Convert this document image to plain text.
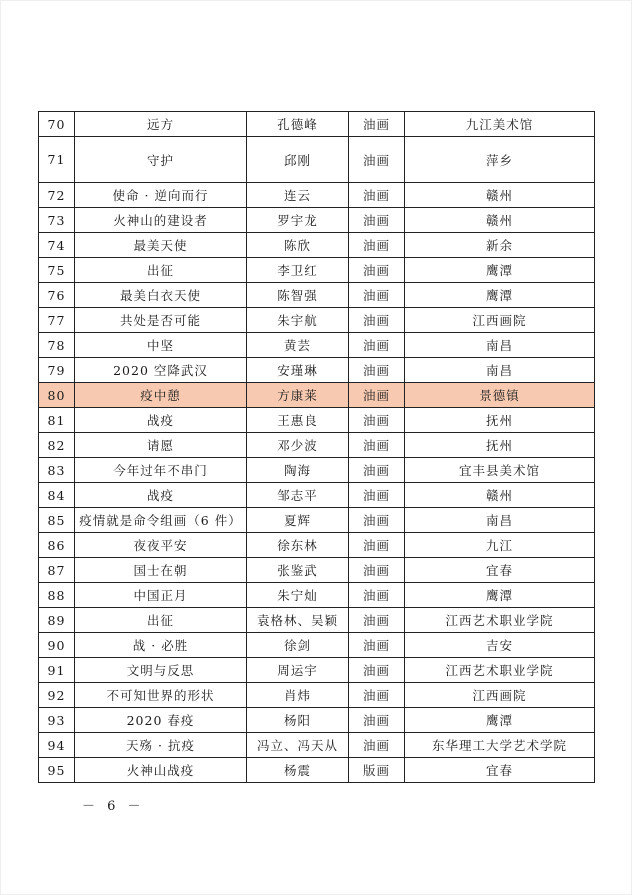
70	远方	孔德峰	油画	九江美术馆
71	守护	邱刚	油画	萍乡
72	使命 · 逆向而行	连云	油画	赣州
73	火神山的建设者	罗宇龙	油画	赣州
74	最美天使	陈欣	油画	新余
75	出征	李卫红	油画	鹰潭
76	最美白衣天使	陈智强	油画	鹰潭
77	共处是否可能	朱宇航	油画	江西画院
78	中坚	黄芸	油画	南昌
79	2020 空降武汉	安瑾琳	油画	南昌
80	疫中憩	方康莱	油画	景德镇
81	战疫	王惠良	油画	抚州
82	请愿	邓少波	油画	抚州
83	今年过年不串门	陶海	油画	宜丰县美术馆
84	战疫	邹志平	油画	赣州
85	疫情就是命令组画（6 件）	夏辉	油画	南昌
86	夜夜平安	徐东林	油画	九江
87	国士在朝	张鉴武	油画	宜春
88	中国正月	朱宁灿	油画	鹰潭
89	出征	袁格林、吴颖	油画	江西艺术职业学院
90	战 · 必胜	徐剑	油画	吉安
91	文明与反思	周运宇	油画	江西艺术职业学院
92	不可知世界的形状	肖炜	油画	江西画院
93	2020 春疫	杨阳	油画	鹰潭
94	天殇 · 抗疫	冯立、冯天从	油画	东华理工大学艺术学院
95	火神山战疫	杨震	版画	宜春
－ 6 －
